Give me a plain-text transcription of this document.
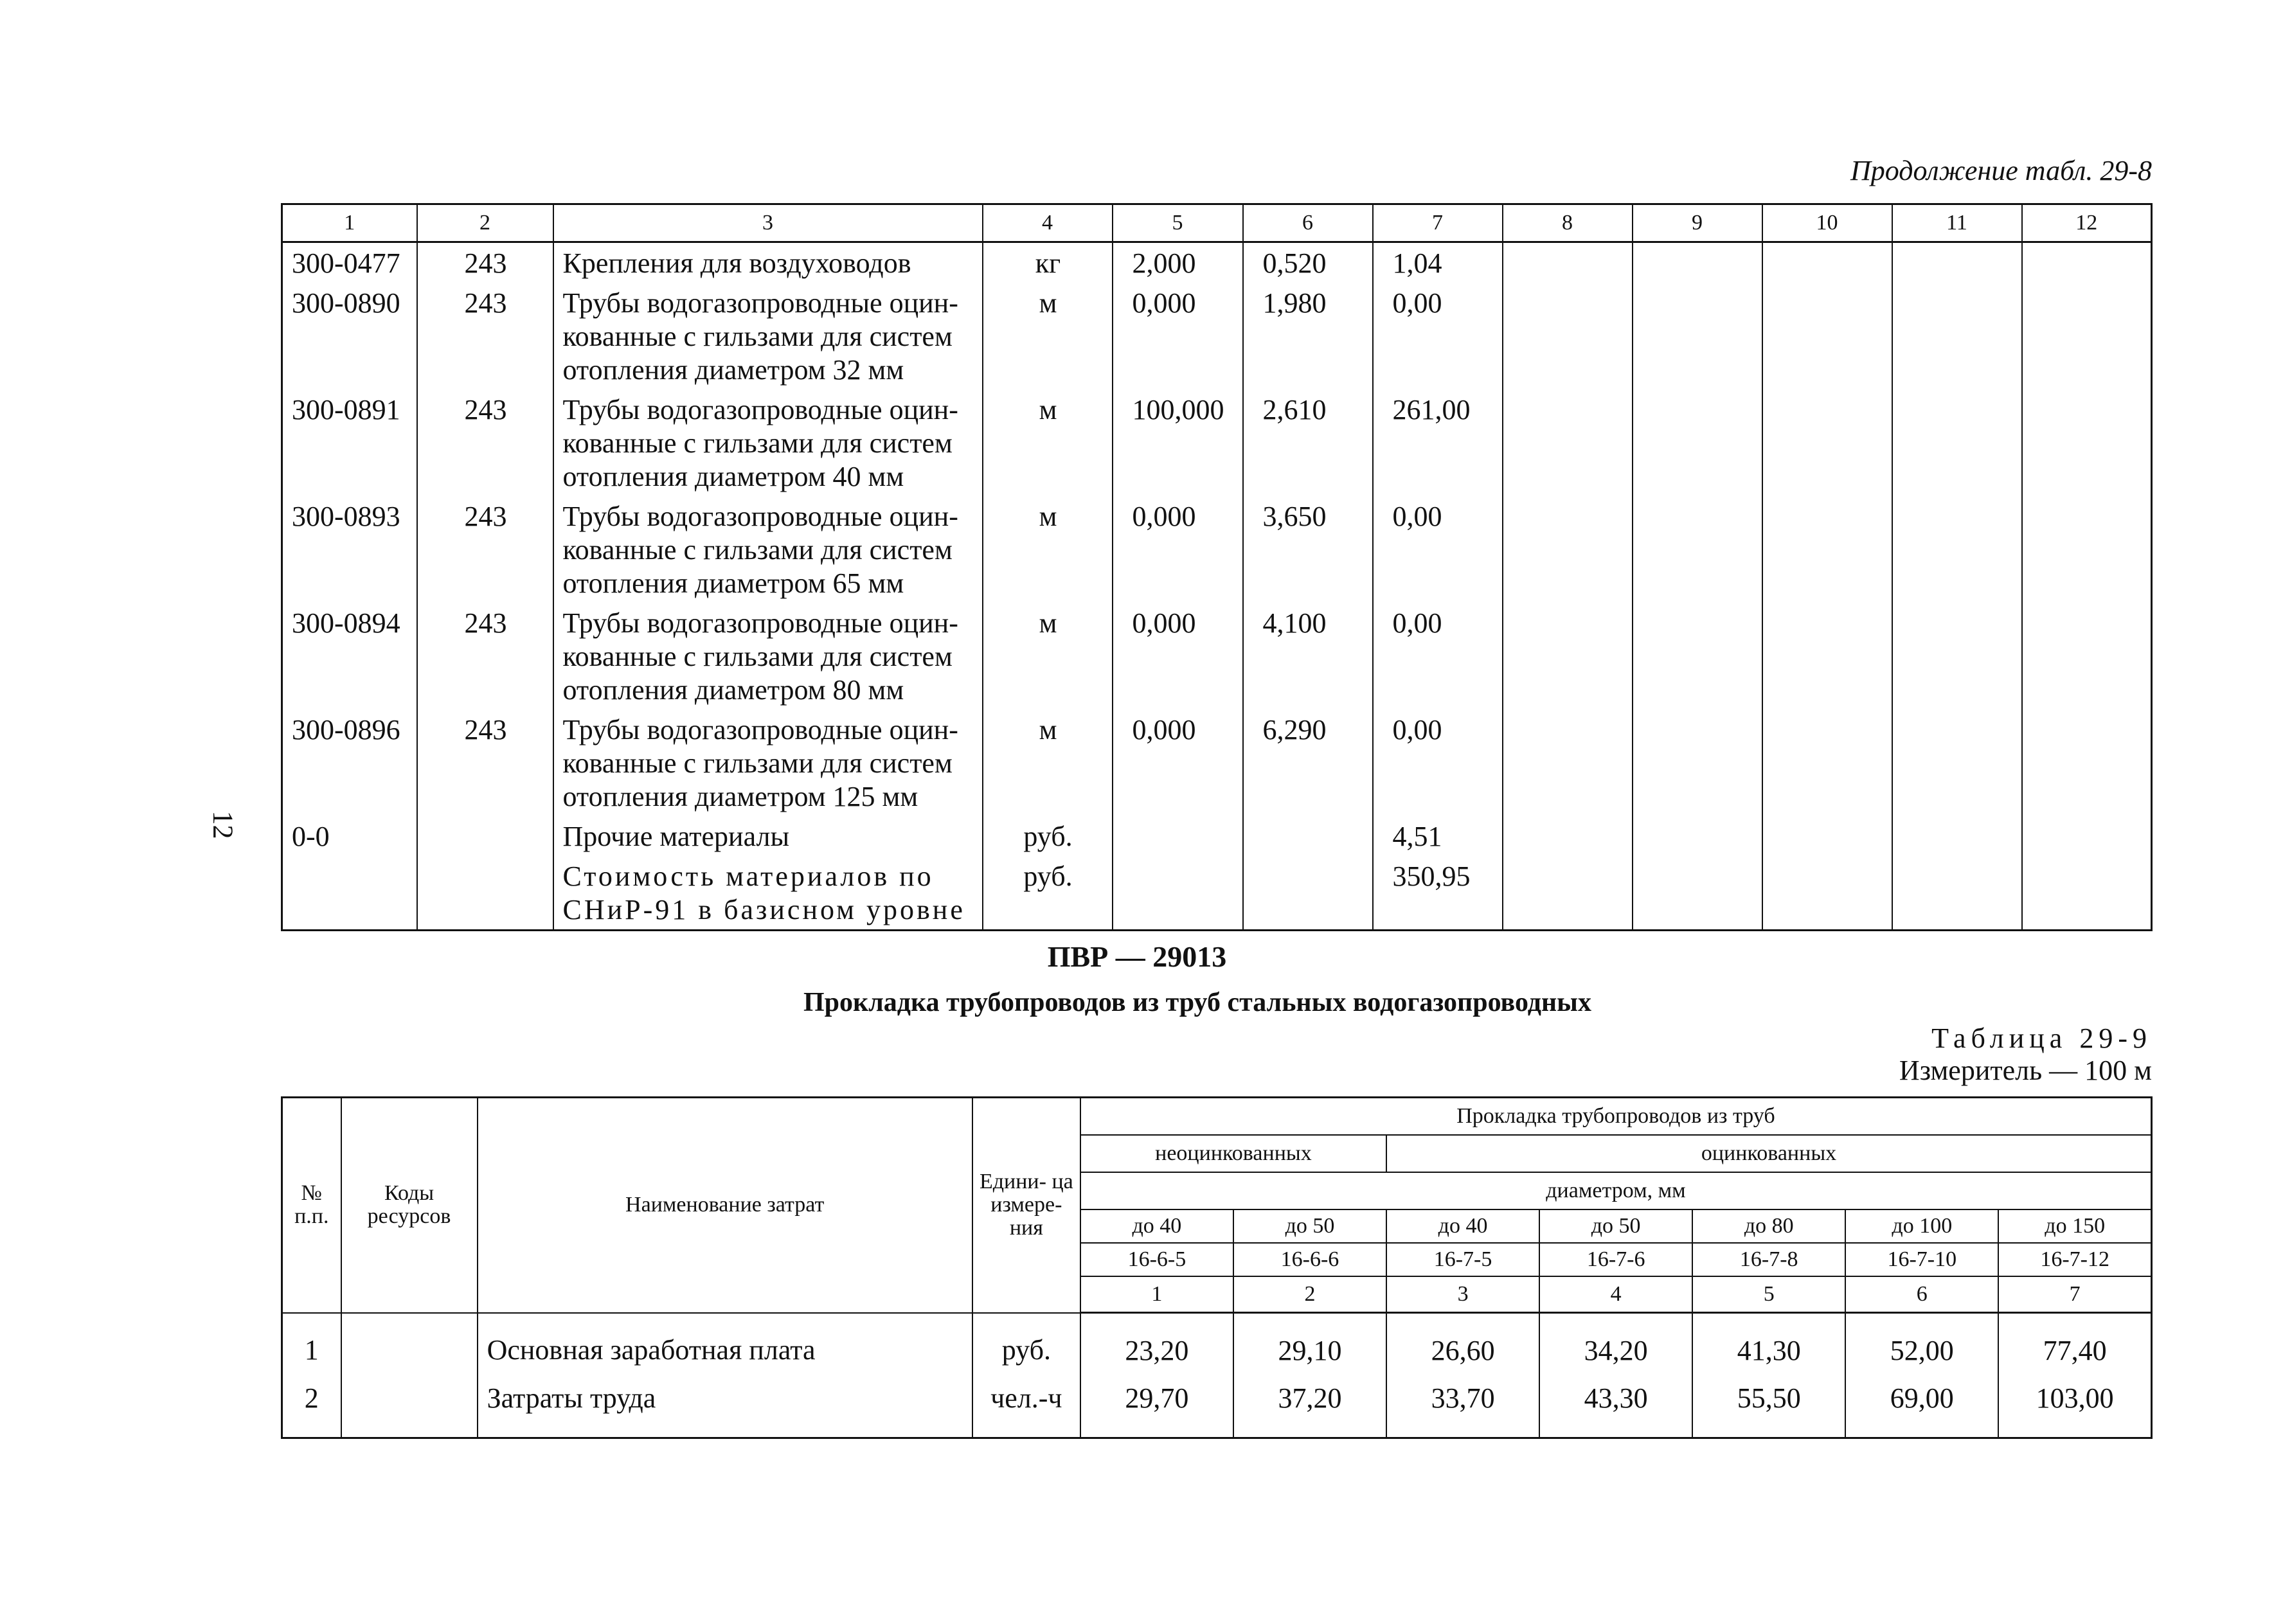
Продолжение табл. 29-8
12
1	2	3	4	5	6	7	8	9	10	11	12
300-0477	243	Крепления для воздуховодов	кг	2,000	0,520	1,04					
300-0890	243	Трубы водогазопроводные оцин-
кованные с гильзами для систем
отопления диаметром 32 мм	м	0,000	1,980	0,00					
300-0891	243	Трубы водогазопроводные оцин-
кованные с гильзами для систем
отопления диаметром 40 мм	м	100,000	2,610	261,00					
300-0893	243	Трубы водогазопроводные оцин-
кованные с гильзами для систем
отопления диаметром 65 мм	м	0,000	3,650	0,00					
300-0894	243	Трубы водогазопроводные оцин-
кованные с гильзами для систем
отопления диаметром 80 мм	м	0,000	4,100	0,00					
300-0896	243	Трубы водогазопроводные оцин-
кованные с гильзами для систем
отопления диаметром 125 мм	м	0,000	6,290	0,00					
0-0		Прочие материалы	руб.			4,51					

		Стоимость материалов по
СНиР-91 в базисном уровне	руб.			350,95					
ПВР — 29013
Прокладка трубопроводов из труб стальных водогазопроводных
Таблица 29-9
Измеритель — 100 м
№ п.п.	Коды ресурсов	Наименование затрат	Едини- ца измере- ния	Прокладка трубопроводов из труб						
				неоцинкованных		оцинкованных				
				диаметром, мм						
				до 40	до 50	до 40	до 50	до 80	до 100	до 150
				16-6-5	16-6-6	16-7-5	16-7-6	16-7-8	16-7-10	16-7-12
				1	2	3	4	5	6	7
1		Основная заработная плата	руб.	23,20	29,10	26,60	34,20	41,30	52,00	77,40
2		Затраты труда	чел.-ч	29,70	37,20	33,70	43,30	55,50	69,00	103,00
